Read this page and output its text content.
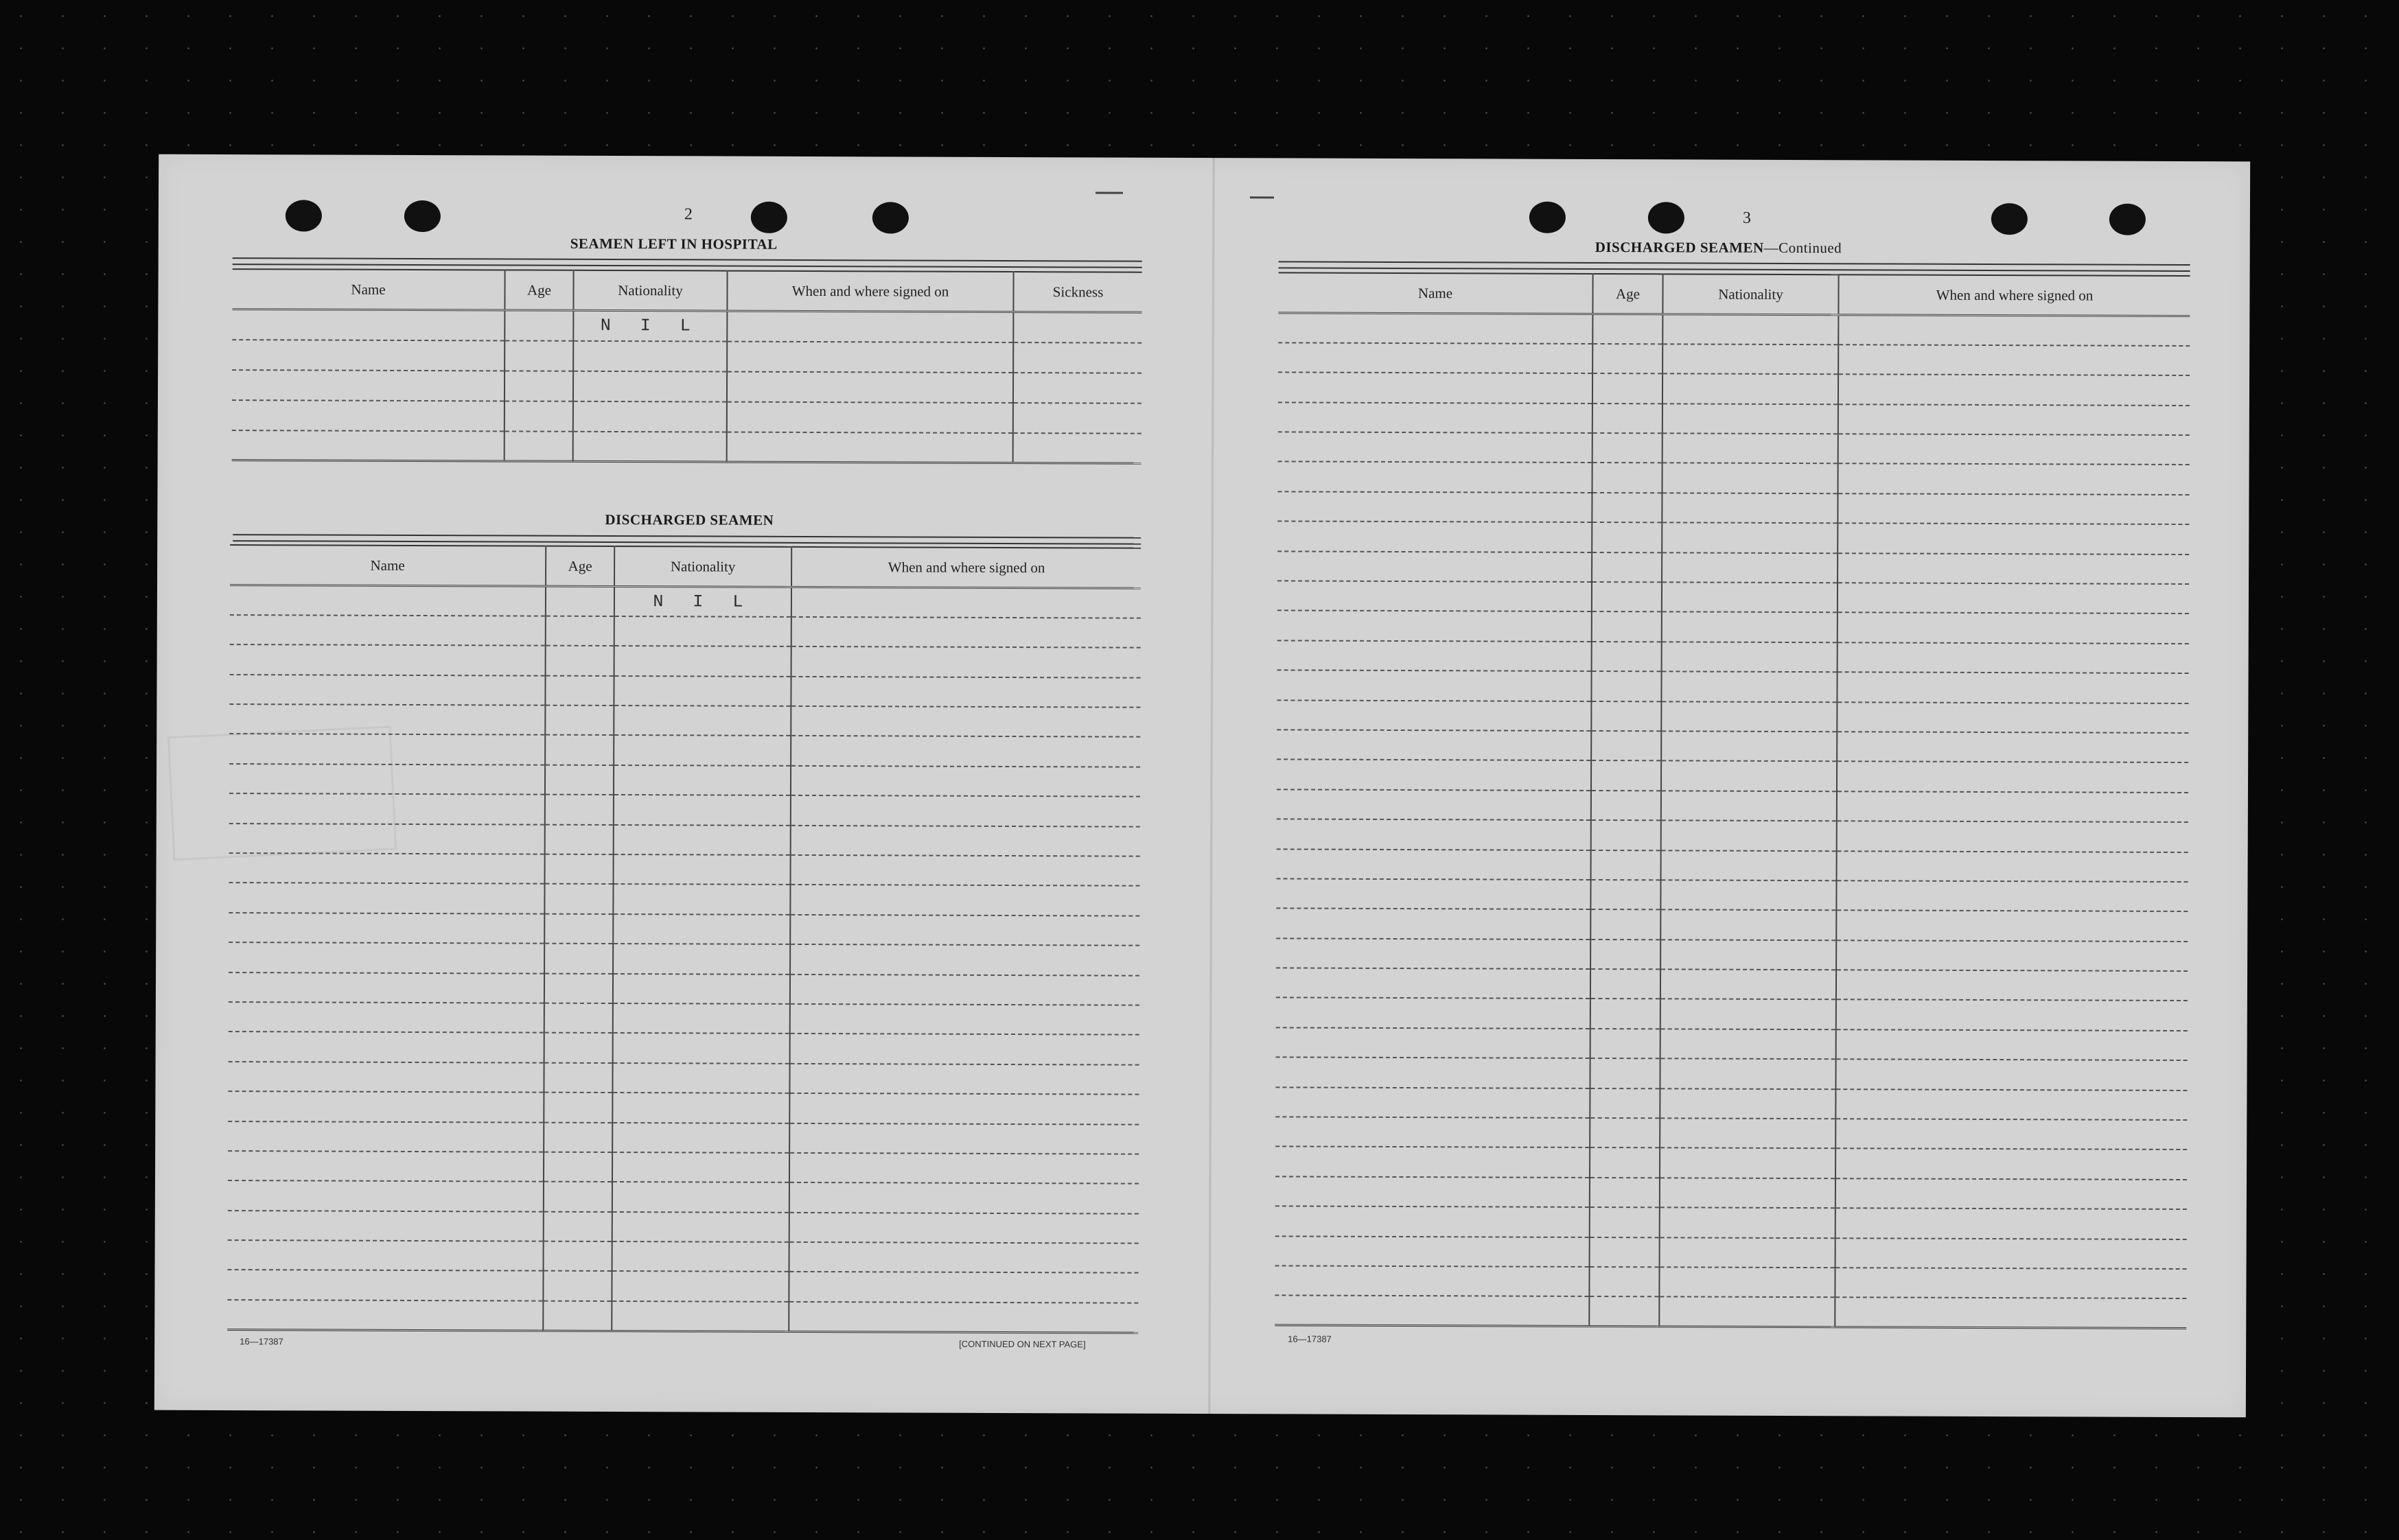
2
SEAMEN LEFT IN HOSPITAL
Name	Age	Nationality	When and where signed on	Sickness
		N I L		

DISCHARGED SEAMEN
Name	Age	Nationality	When and where signed on
		N I L	

16—17387	[CONTINUED ON NEXT PAGE]
3
DISCHARGED SEAMEN—Continued
Name	Age	Nationality	When and where signed on

16—17387
